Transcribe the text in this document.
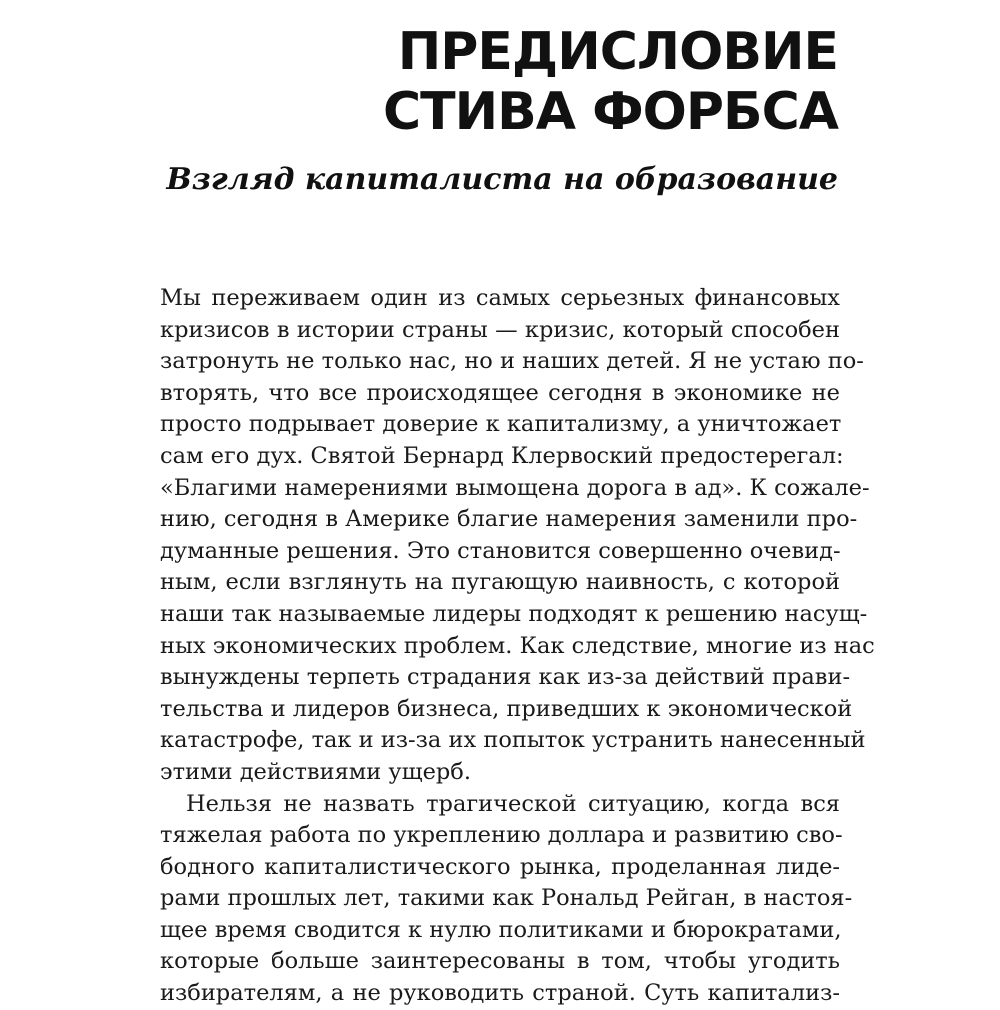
ПРЕДИСЛОВИЕ
СТИВА ФОРБСА
Взгляд капиталиста на образование
Мы переживаем один из самых серьезных финансовых
кризисов в истории страны — кризис, который способен
затронуть не только нас, но и наших детей. Я не устаю по-
вторять, что все происходящее сегодня в экономике не
просто подрывает доверие к капитализму, а уничтожает
сам его дух. Святой Бернард Клервоский предостерегал:
«Благими намерениями вымощена дорога в ад». К сожале-
нию, сегодня в Америке благие намерения заменили про-
думанные решения. Это становится совершенно очевид-
ным, если взглянуть на пугающую наивность, с которой
наши так называемые лидеры подходят к решению насущ-
ных экономических проблем. Как следствие, многие из нас
вынуждены терпеть страдания как из-за действий прави-
тельства и лидеров бизнеса, приведших к экономической
катастрофе, так и из-за их попыток устранить нанесенный
этими действиями ущерб.
Нельзя не назвать трагической ситуацию, когда вся
тяжелая работа по укреплению доллара и развитию сво-
бодного капиталистического рынка, проделанная лиде-
рами прошлых лет, такими как Рональд Рейган, в настоя-
щее время сводится к нулю политиками и бюрократами,
которые больше заинтересованы в том, чтобы угодить
избирателям, а не руководить страной. Суть капитализ-
